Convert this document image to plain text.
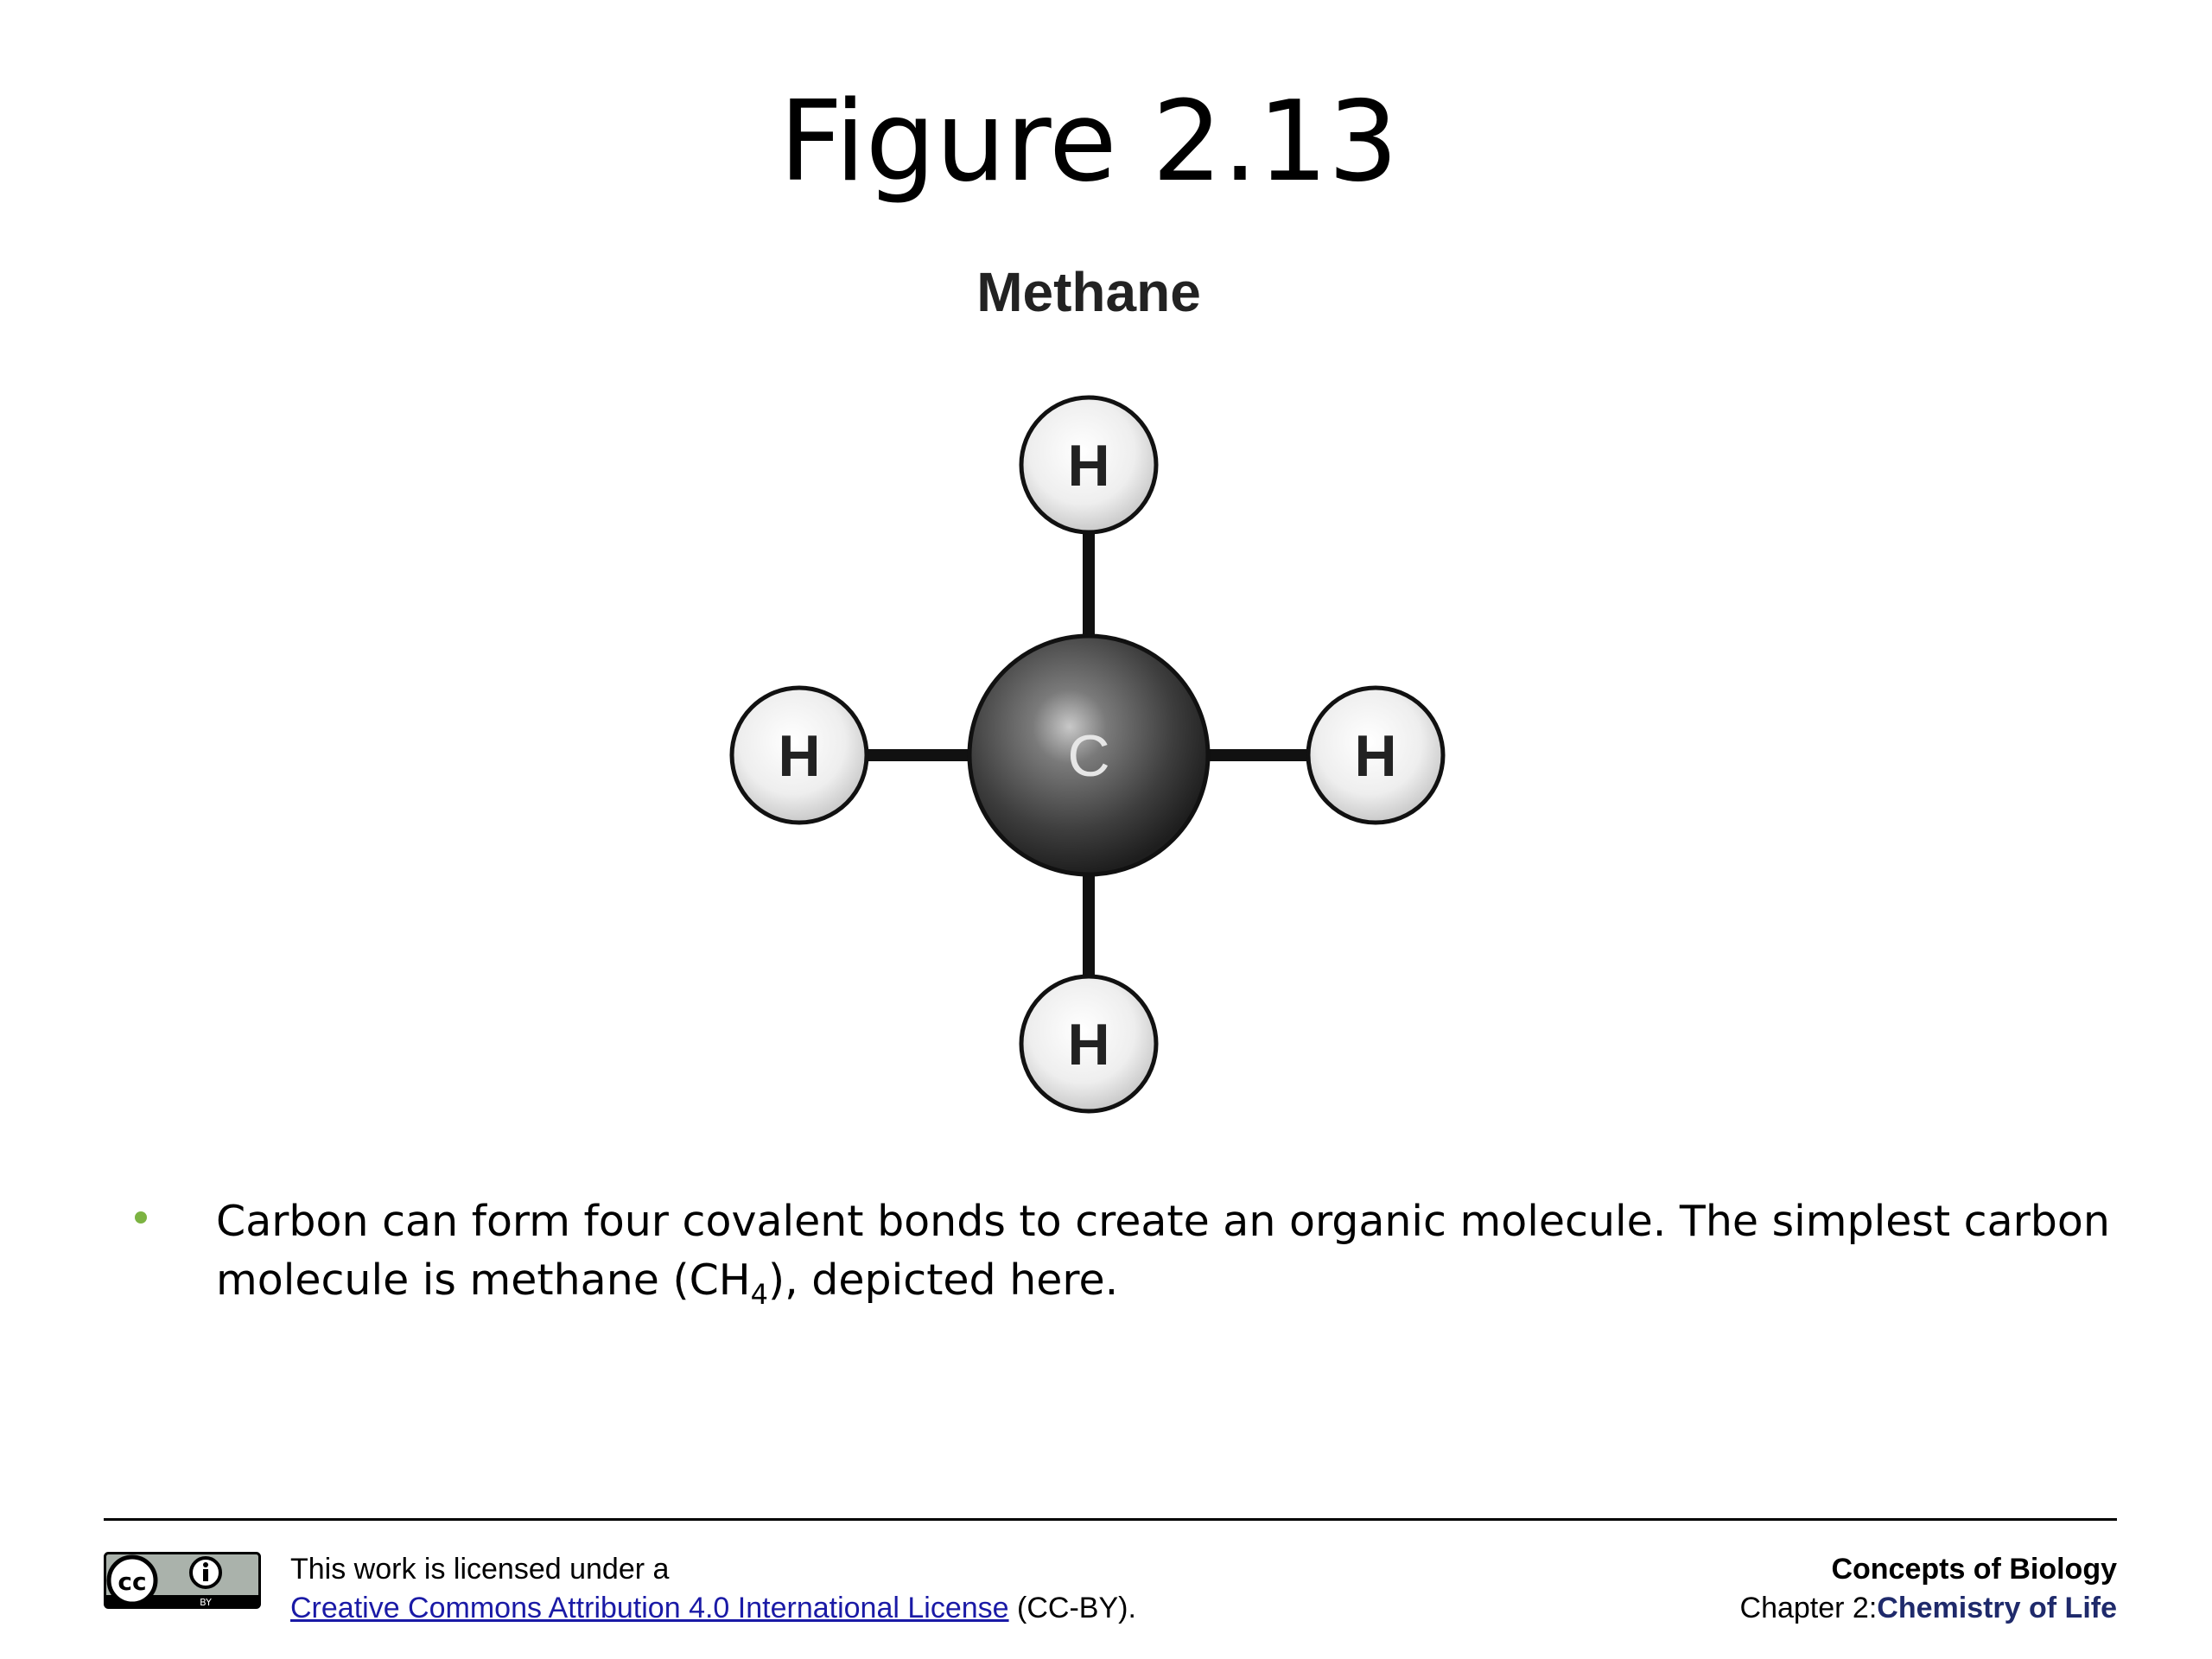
Figure 2.13
Methane
H
H	H
H
C
Carbon can form four covalent bonds to create an organic molecule. The simplest carbon molecule is methane $(CH_4)$, depicted here.
cc
BY
This work is licensed under a
Creative Commons Attribution 4.0 International License (CC-BY).
Concepts of Biology
Chapter 2:Chemistry of Life
